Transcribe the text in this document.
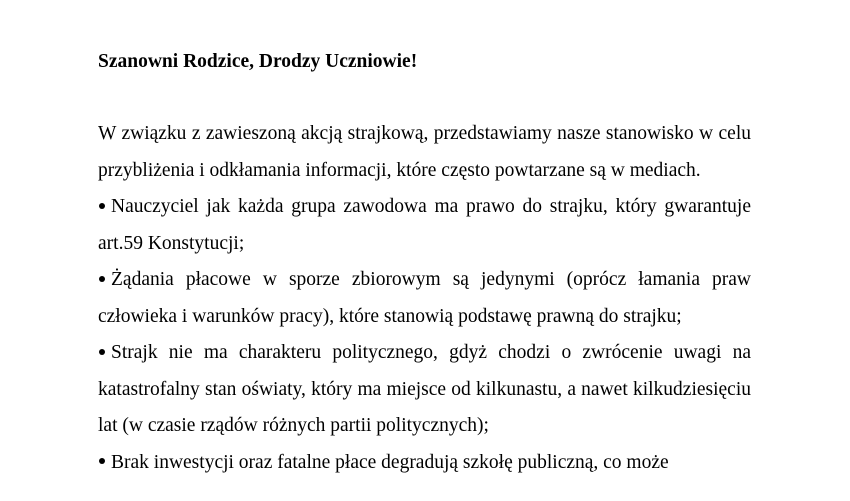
Szanowni Rodzice, Drodzy Uczniowie!

W związku z zawieszoną akcją strajkową, przedstawiamy nasze stanowisko w celu przybliżenia i odkłamania informacji, które często powtarzane są w mediach.

Nauczyciel jak każda grupa zawodowa ma prawo do strajku, który gwarantuje art.59 Konstytucji;

Żądania płacowe w sporze zbiorowym są jedynymi (oprócz łamania praw człowieka i warunków pracy), które stanowią podstawę prawną do strajku;

Strajk nie ma charakteru politycznego, gdyż chodzi o zwrócenie uwagi na katastrofalny stan oświaty, który ma miejsce od kilkunastu, a nawet kilkudziesięciu lat (w czasie rządów różnych partii politycznych);

Brak inwestycji oraz fatalne płace degradują szkołę publiczną, co może
